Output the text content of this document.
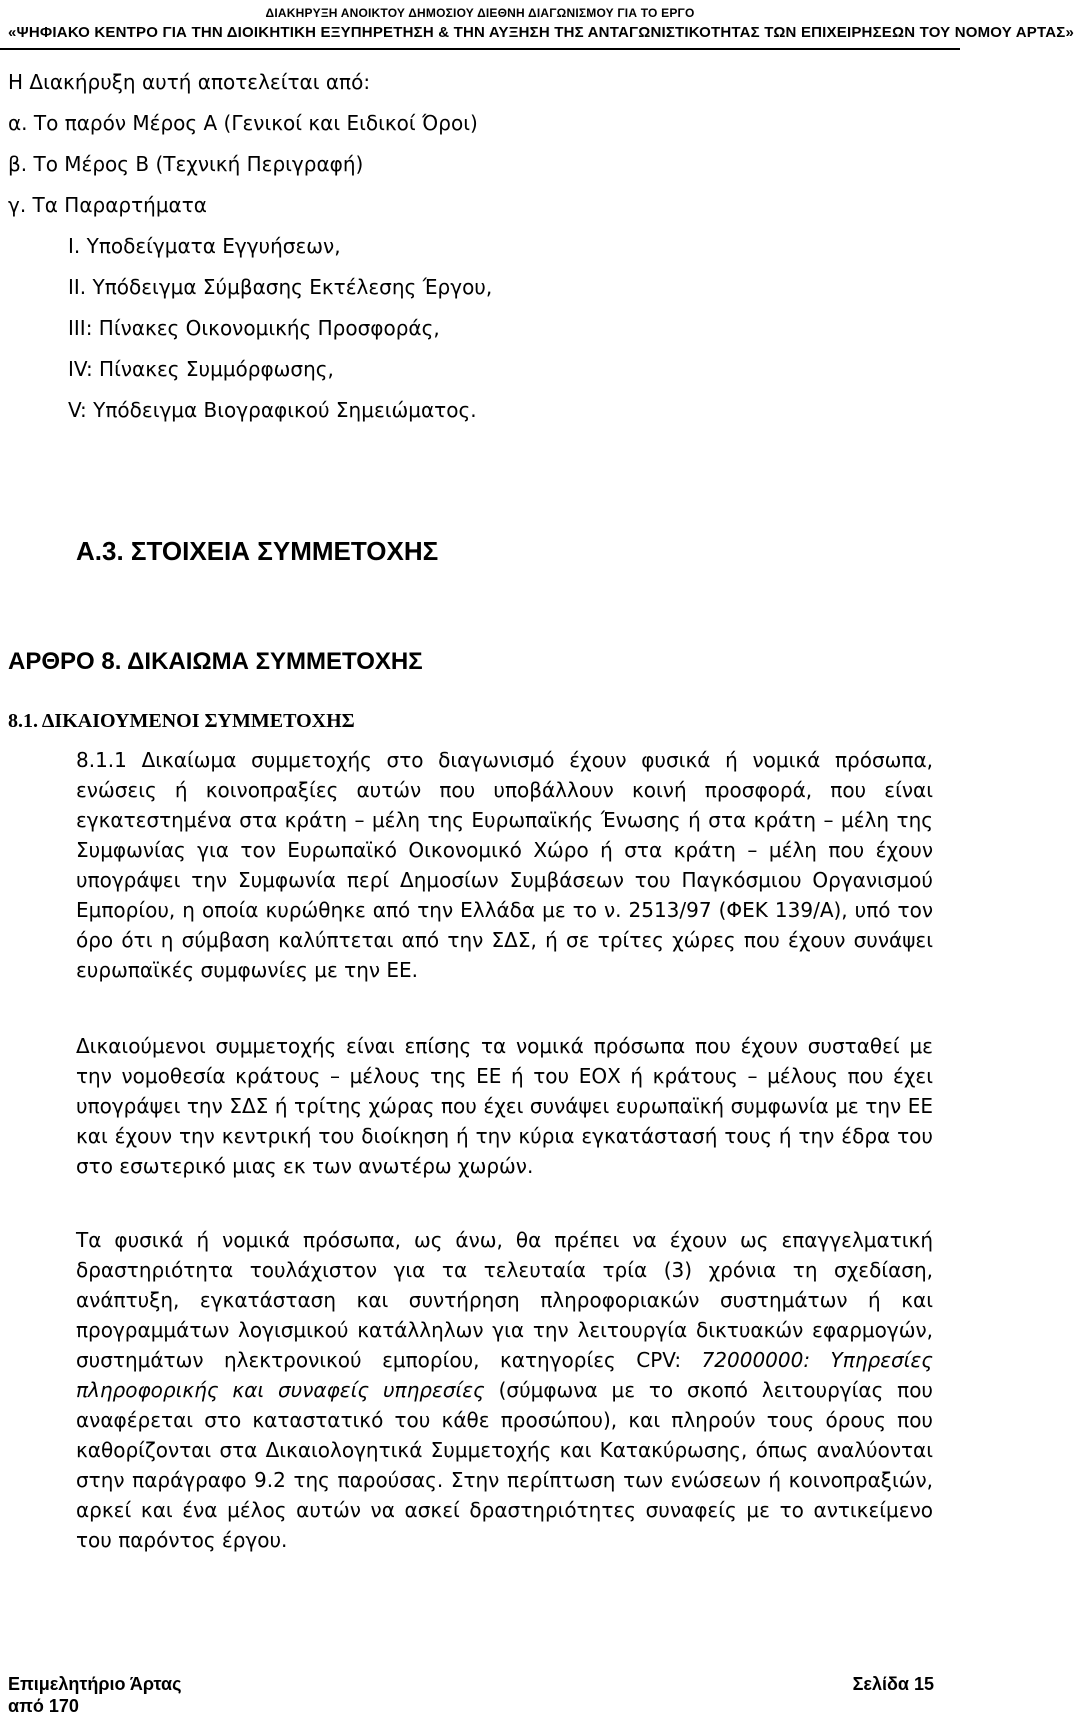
ΔΙΑΚΗΡΥΞΗ ΑΝΟΙΚΤΟΥ ΔΗΜΟΣΙΟΥ ΔΙΕΘΝΗ ΔΙΑΓΩΝΙΣΜΟΥ ΓΙΑ ΤΟ ΕΡΓΟ
«ΨΗΦΙΑΚΟ ΚΕΝΤΡΟ ΓΙΑ ΤΗΝ ΔΙΟΙΚΗΤΙΚΗ ΕΞΥΠΗΡΕΤΗΣΗ & ΤΗΝ ΑΥΞΗΣΗ ΤΗΣ ΑΝΤΑΓΩΝΙΣΤΙΚΟΤΗΤΑΣ ΤΩΝ ΕΠΙΧΕΙΡΗΣΕΩΝ ΤΟΥ ΝΟΜΟΥ ΑΡΤΑΣ»
Η Διακήρυξη αυτή αποτελείται από:
α. Το παρόν Μέρος Α (Γενικοί και Ειδικοί Όροι)
β. Το Μέρος Β (Τεχνική Περιγραφή)
γ. Τα Παραρτήματα
Ι. Υποδείγματα Εγγυήσεων,
ΙΙ. Υπόδειγμα Σύμβασης Εκτέλεσης Έργου,
ΙΙΙ: Πίνακες Οικονομικής Προσφοράς,
ΙV: Πίνακες Συμμόρφωσης,
V: Υπόδειγμα Βιογραφικού Σημειώματος.
Α.3. ΣΤΟΙΧΕΙΑ ΣΥΜΜΕΤΟΧΗΣ
ΑΡΘΡΟ 8. ΔΙΚΑΙΩΜΑ ΣΥΜΜΕΤΟΧΗΣ
8.1. ΔΙΚΑΙΟΥΜΕΝΟΙ ΣΥΜΜΕΤΟΧΗΣ
8.1.1 Δικαίωμα συμμετοχής στο διαγωνισμό έχουν φυσικά ή νομικά πρόσωπα, ενώσεις ή κοινοπραξίες αυτών που υποβάλλουν κοινή προσφορά, που είναι εγκατεστημένα στα κράτη – μέλη της Ευρωπαϊκής Ένωσης ή στα κράτη – μέλη της Συμφωνίας για τον Ευρωπαϊκό Οικονομικό Χώρο ή στα κράτη – μέλη που έχουν υπογράψει την Συμφωνία περί Δημοσίων Συμβάσεων του Παγκόσμιου Οργανισμού Εμπορίου, η οποία κυρώθηκε από την Ελλάδα με το ν. 2513/97 (ΦΕΚ 139/Α), υπό τον όρο ότι η σύμβαση καλύπτεται από την ΣΔΣ, ή σε τρίτες χώρες που έχουν συνάψει ευρωπαϊκές συμφωνίες με την ΕΕ.
Δικαιούμενοι συμμετοχής είναι επίσης τα νομικά πρόσωπα που έχουν συσταθεί με την νομοθεσία κράτους – μέλους της ΕΕ ή του ΕΟΧ ή κράτους – μέλους που έχει υπογράψει την ΣΔΣ ή τρίτης χώρας που έχει συνάψει ευρωπαϊκή συμφωνία με την ΕΕ και έχουν την κεντρική του διοίκηση ή την κύρια εγκατάστασή τους ή την έδρα του στο εσωτερικό μιας εκ των ανωτέρω χωρών.
Τα φυσικά ή νομικά πρόσωπα, ως άνω, θα πρέπει να έχουν ως επαγγελματική δραστηριότητα τουλάχιστον για τα τελευταία τρία (3) χρόνια τη σχεδίαση, ανάπτυξη, εγκατάσταση και συντήρηση πληροφοριακών συστημάτων ή και προγραμμάτων λογισμικού κατάλληλων για την λειτουργία δικτυακών εφαρμογών, συστημάτων ηλεκτρονικού εμπορίου, κατηγορίες CPV: 72000000: Υπηρεσίες πληροφορικής και συναφείς υπηρεσίες (σύμφωνα με το σκοπό λειτουργίας που αναφέρεται στο καταστατικό του κάθε προσώπου), και πληρούν τους όρους που καθορίζονται στα Δικαιολογητικά Συμμετοχής και Κατακύρωσης, όπως αναλύονται στην παράγραφο 9.2 της παρούσας. Στην περίπτωση των ενώσεων ή κοινοπραξιών, αρκεί και ένα μέλος αυτών να ασκεί δραστηριότητες συναφείς με το αντικείμενο του παρόντος έργου.
Επιμελητήριο Άρτας	Σελίδα 15
από 170
